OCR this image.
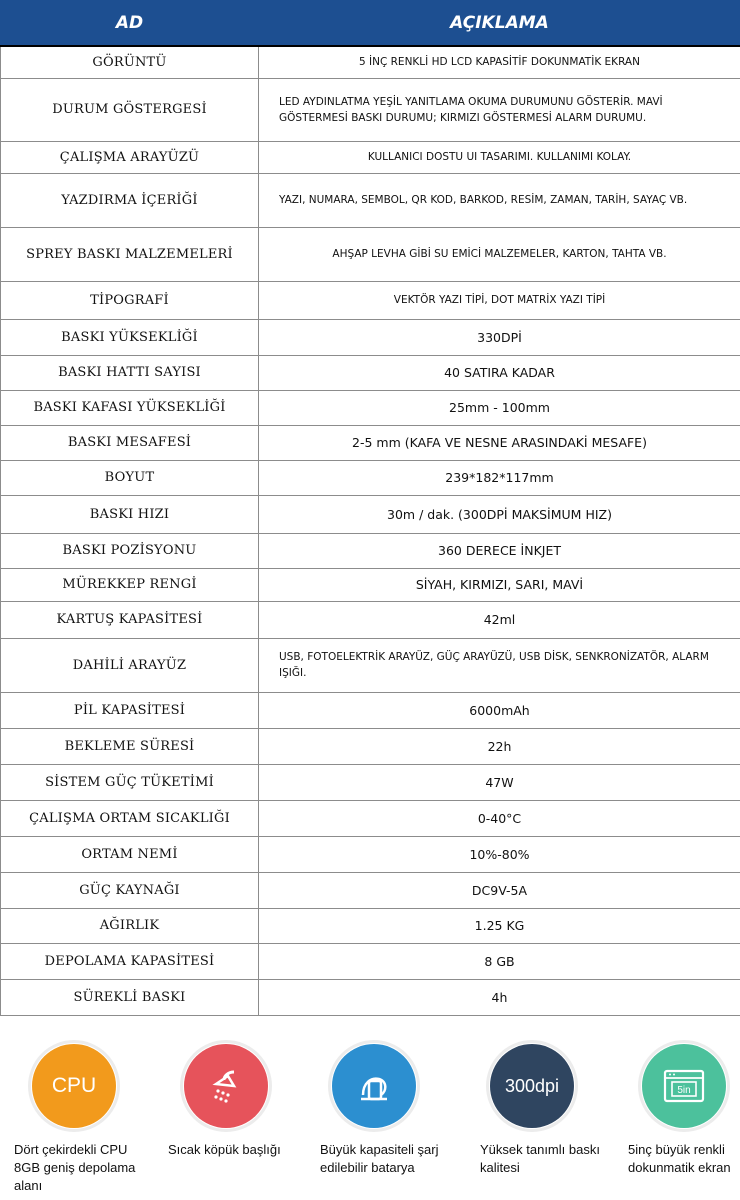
AD	AÇIKLAMA
GÖRÜNTÜ	5 İNÇ RENKLİ HD LCD KAPASİTİF DOKUNMATİK EKRAN
DURUM GÖSTERGESİ	LED AYDINLATMA YEŞİL YANITLAMA OKUMA DURUMUNU GÖSTERİR. MAVİ GÖSTERMESİ BASKI DURUMU; KIRMIZI GÖSTERMESİ ALARM DURUMU.
ÇALIŞMA ARAYÜZÜ	KULLANICI DOSTU UI TASARIMI. KULLANIMI KOLAY.
YAZDIRMA İÇERİĞİ	YAZI, NUMARA, SEMBOL, QR KOD, BARKOD, RESİM, ZAMAN, TARİH, SAYAÇ VB.
SPREY BASKI MALZEMELERİ	AHŞAP LEVHA GİBİ SU EMİCİ MALZEMELER, KARTON, TAHTA VB.
TİPOGRAFİ	VEKTÖR YAZI TİPİ, DOT MATRİX YAZI TİPİ
BASKI YÜKSEKLİĞİ	330DPİ
BASKI HATTI SAYISI	40 SATIRA KADAR
BASKI KAFASI YÜKSEKLİĞİ	25mm - 100mm
BASKI MESAFESİ	2-5 mm (KAFA VE NESNE ARASINDAKİ MESAFE)
BOYUT	239*182*117mm
BASKI HIZI	30m / dak. (300DPİ MAKSİMUM HIZ)
BASKI POZİSYONU	360 DERECE İNKJET
MÜREKKEP RENGİ	SİYAH, KIRMIZI, SARI, MAVİ
KARTUŞ KAPASİTESİ	42ml
DAHİLİ ARAYÜZ	USB, FOTOELEKTRİK ARAYÜZ, GÜÇ ARAYÜZÜ, USB DİSK, SENKRONİZATÖR, ALARM IŞIĞI.
PİL KAPASİTESİ	6000mAh
BEKLEME SÜRESİ	22h
SİSTEM GÜÇ TÜKETİMİ	47W
ÇALIŞMA ORTAM SICAKLIĞI	0-40°C
ORTAM NEMİ	10%-80%
GÜÇ KAYNAĞI	DC9V-5A
AĞIRLIK	1.25 KG
DEPOLAMA KAPASİTESİ	8 GB
SÜREKLİ BASKI	4h
CPU
Dört çekirdekli CPU 8GB geniş depolama alanı
Sıcak köpük başlığı	Büyük kapasiteli şarj edilebilir batarya
300dpi
Yüksek tanımlı baskı kalitesi
5in
5inç büyük renkli dokunmatik ekran
